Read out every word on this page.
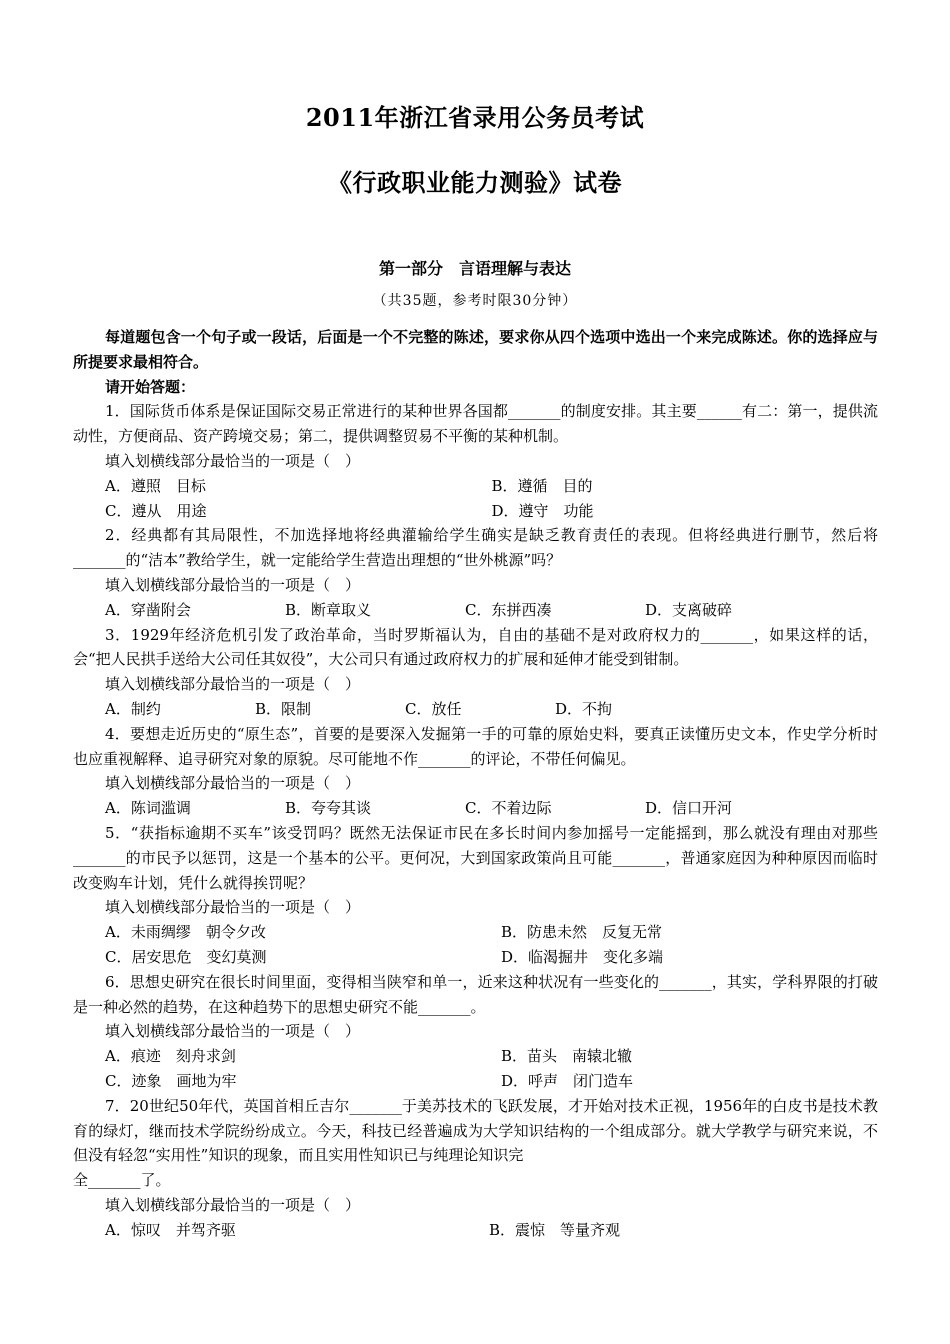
2011年浙江省录用公务员考试
《行政职业能力测验》试卷
第一部分　言语理解与表达
（共35题，参考时限30分钟）

每道题包含一个句子或一段话，后面是一个不完整的陈述，要求你从四个选项中选出一个来完成陈述。你的选择应与所提要求最相符合。

请开始答题：

1．国际货币体系是保证国际交易正常进行的某种世界各国都_______的制度安排。其主要______有二：第一，提供流动性，方便商品、资产跨境交易；第二，提供调整贸易不平衡的某种机制。

填入划横线部分最恰当的一项是（　）

A．遵照　目标	B．遵循　目的
C．遵从　用途	D．遵守　功能

2．经典都有其局限性，不加选择地将经典灌输给学生确实是缺乏教育责任的表现。但将经典进行删节，然后将_______的“洁本”教给学生，就一定能给学生营造出理想的“世外桃源”吗？

填入划横线部分最恰当的一项是（　）

A．穿凿附会	B．断章取义	C．东拼西凑	D．支离破碎

3．1929年经济危机引发了政治革命，当时罗斯福认为，自由的基础不是对政府权力的_______，如果这样的话，会“把人民拱手送给大公司任其奴役”，大公司只有通过政府权力的扩展和延伸才能受到钳制。

填入划横线部分最恰当的一项是（　）

A．制约	B．限制	C．放任	D．不拘

4．要想走近历史的“原生态”，首要的是要深入发掘第一手的可靠的原始史料，要真正读懂历史文本，作史学分析时也应重视解释、追寻研究对象的原貌。尽可能地不作_______的评论，不带任何偏见。

填入划横线部分最恰当的一项是（　）

A．陈词滥调	B．夸夸其谈	C．不着边际	D．信口开河

5．“获指标逾期不买车”该受罚吗？既然无法保证市民在多长时间内参加摇号一定能摇到，那么就没有理由对那些_______的市民予以惩罚，这是一个基本的公平。更何况，大到国家政策尚且可能_______，普通家庭因为种种原因而临时改变购车计划，凭什么就得挨罚呢？

填入划横线部分最恰当的一项是（　）

A．未雨绸缪　朝令夕改	B．防患未然　反复无常
C．居安思危　变幻莫测	D．临渴掘井　变化多端

6．思想史研究在很长时间里面，变得相当陕窄和单一，近来这种状况有一些变化的_______，其实，学科界限的打破是一种必然的趋势，在这种趋势下的思想史研究不能_______。

填入划横线部分最恰当的一项是（　）

A．痕迹　刻舟求剑	B．苗头　南辕北辙
C．迹象　画地为牢	D．呼声　闭门造车

7．20世纪50年代，英国首相丘吉尔_______于美苏技术的飞跃发展，才开始对技术正视，1956年的白皮书是技术教育的绿灯，继而技术学院纷纷成立。今天，科技已经普遍成为大学知识结构的一个组成部分。就大学教学与研究来说，不但没有轻忽“实用性”知识的现象，而且实用性知识已与纯理论知识完

全_______了。

填入划横线部分最恰当的一项是（　）

A．惊叹　并驾齐驱	B．震惊　等量齐观
